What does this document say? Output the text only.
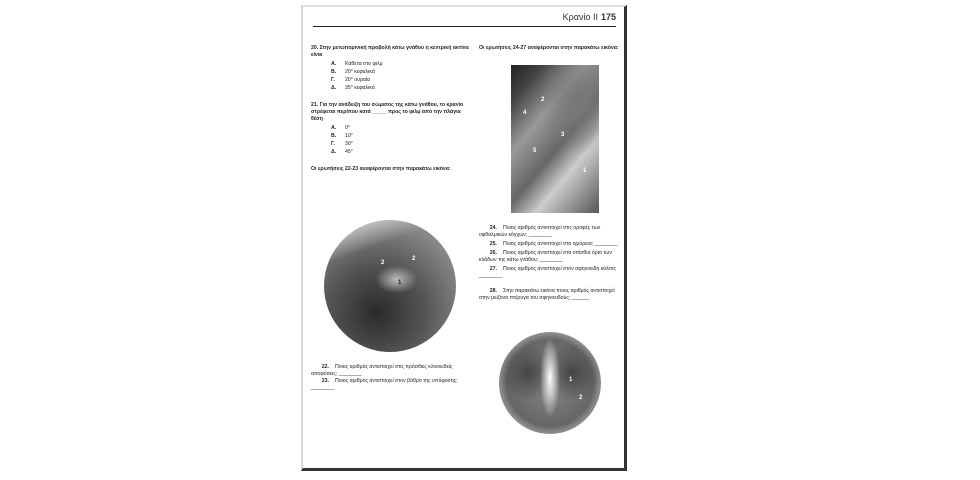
Κρανίο II 175
20. Στην μετωπορινική προβολή κάτω γνάθου η κεντρική ακτίνα είναι
Α. Κάθετα στο φιλμ
Β. 20° κεφαλικά
Γ. 20° ουραία
Δ. 35° κεφαλικά
21. Για την ανάδειξη του σώματος της κάτω γνάθου, το κρανίο στρέφεται περίπου κατά _____ προς το φιλμ από την πλάγια θέση
Α. 0°
Β. 10°
Γ. 30°
Δ. 45°
Οι ερωτήσεις 22-23 αναφέρονται στην παρακάτω εικόνα:
2
2
1
22. Ποιος αριθμός αντιστοιχεί στις πρόσθιες κλινοειδείς αποφύσεις; ________
23. Ποιος αριθμός αντιστοιχεί στον βόθρο της υπόφυσης; ________
Οι ερωτήσεις 24-27 αναφέρονται στην παρακάτω εικόνα:
2
4
3
5
1
24. Ποιος αριθμός αντιστοιχεί στις οροφές των οφθαλμικών κόγχων; ________
25. Ποιος αριθμός αντιστοιχεί στα ιγμόρεια; ________
26. Ποιος αριθμός αντιστοιχεί στα οπίσθια όρια των κλάδων της κάτω γνάθου; ________
27. Ποιος αριθμός αντιστοιχεί στον σφηνοειδή κόλπο; ________
28. Στην παρακάτω εικόνα ποιος αριθμός αντιστοιχεί στην μείζονα πτέρυγα του σφηνοειδούς; ______
1
2
